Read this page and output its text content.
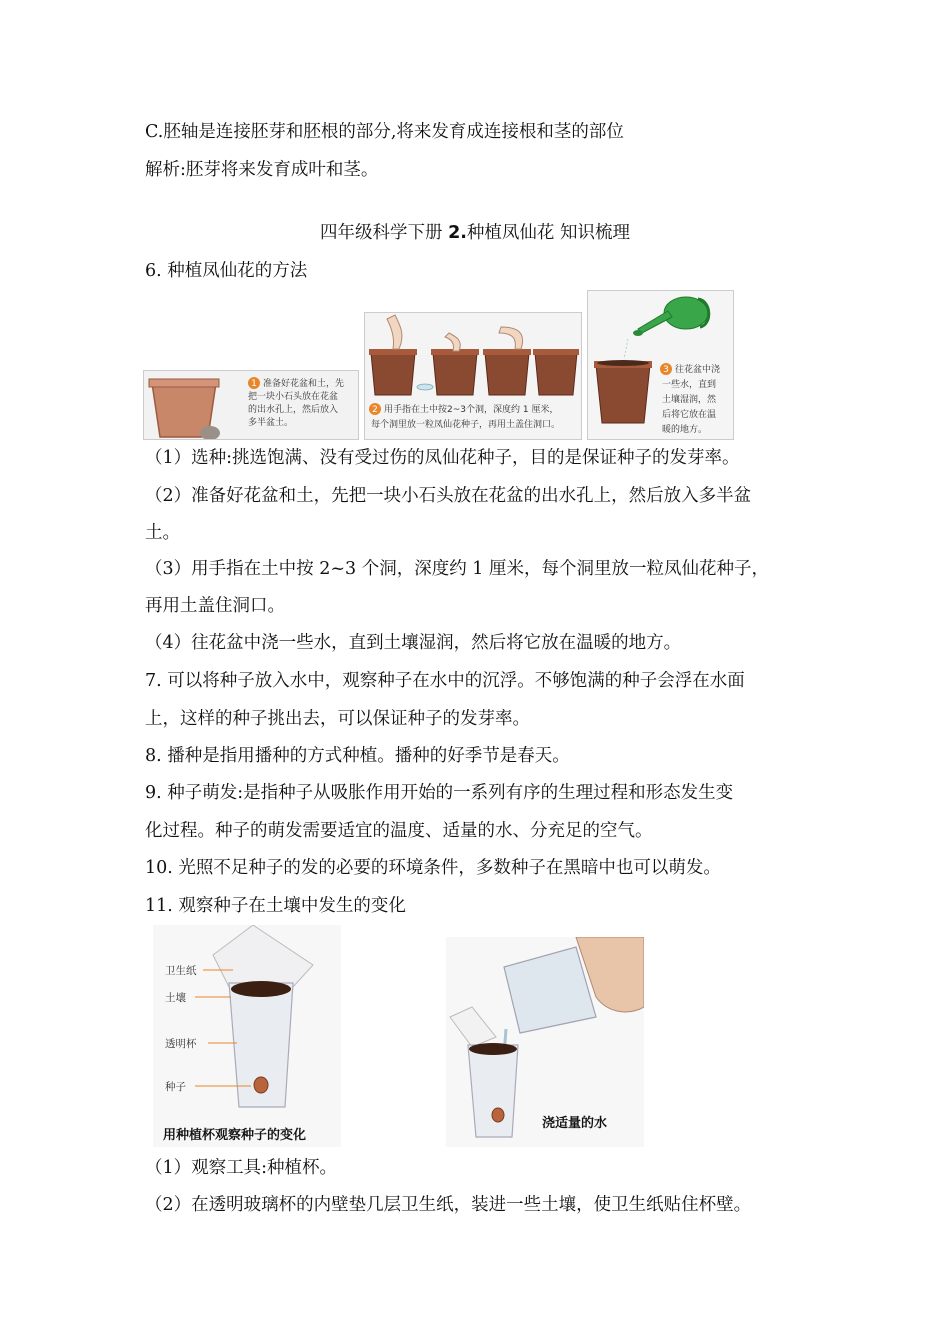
C.胚轴是连接胚芽和胚根的部分,将来发育成连接根和茎的部位
解析:胚芽将来发育成叶和茎。
四年级科学下册 2.种植凤仙花 知识梳理
6. 种植凤仙花的方法
1 准备好花盆和土，先
把一块小石头放在花盆
的出水孔上，然后放入
多半盆土。
2 用手指在土中按2~3个洞，深度约 1 厘米，
每个洞里放一粒凤仙花种子，再用土盖住洞口。
3 往花盆中浇
一些水，直到
土壤湿润，然
后将它放在温
暖的地方。
（1）选种:挑选饱满、没有受过伤的凤仙花种子，目的是保证种子的发芽率。
（2）准备好花盆和土，先把一块小石头放在花盆的出水孔上，然后放入多半盆
土。
（3）用手指在土中按 2~3 个洞，深度约 1 厘米，每个洞里放一粒凤仙花种子，
再用土盖住洞口。
（4）往花盆中浇一些水，直到土壤湿润，然后将它放在温暖的地方。
7. 可以将种子放入水中，观察种子在水中的沉浮。不够饱满的种子会浮在水面
上，这样的种子挑出去，可以保证种子的发芽率。
8. 播种是指用播种的方式种植。播种的好季节是春天。
9. 种子萌发:是指种子从吸胀作用开始的一系列有序的生理过程和形态发生变
化过程。种子的萌发需要适宜的温度、适量的水、分充足的空气。
10. 光照不足种子的发的必要的环境条件，多数种子在黑暗中也可以萌发。
11. 观察种子在土壤中发生的变化
卫生纸
土壤
透明杯
种子
用种植杯观察种子的变化
浇适量的水
（1）观察工具:种植杯。
（2）在透明玻璃杯的内壁垫几层卫生纸，装进一些土壤，使卫生纸贴住杯壁。
